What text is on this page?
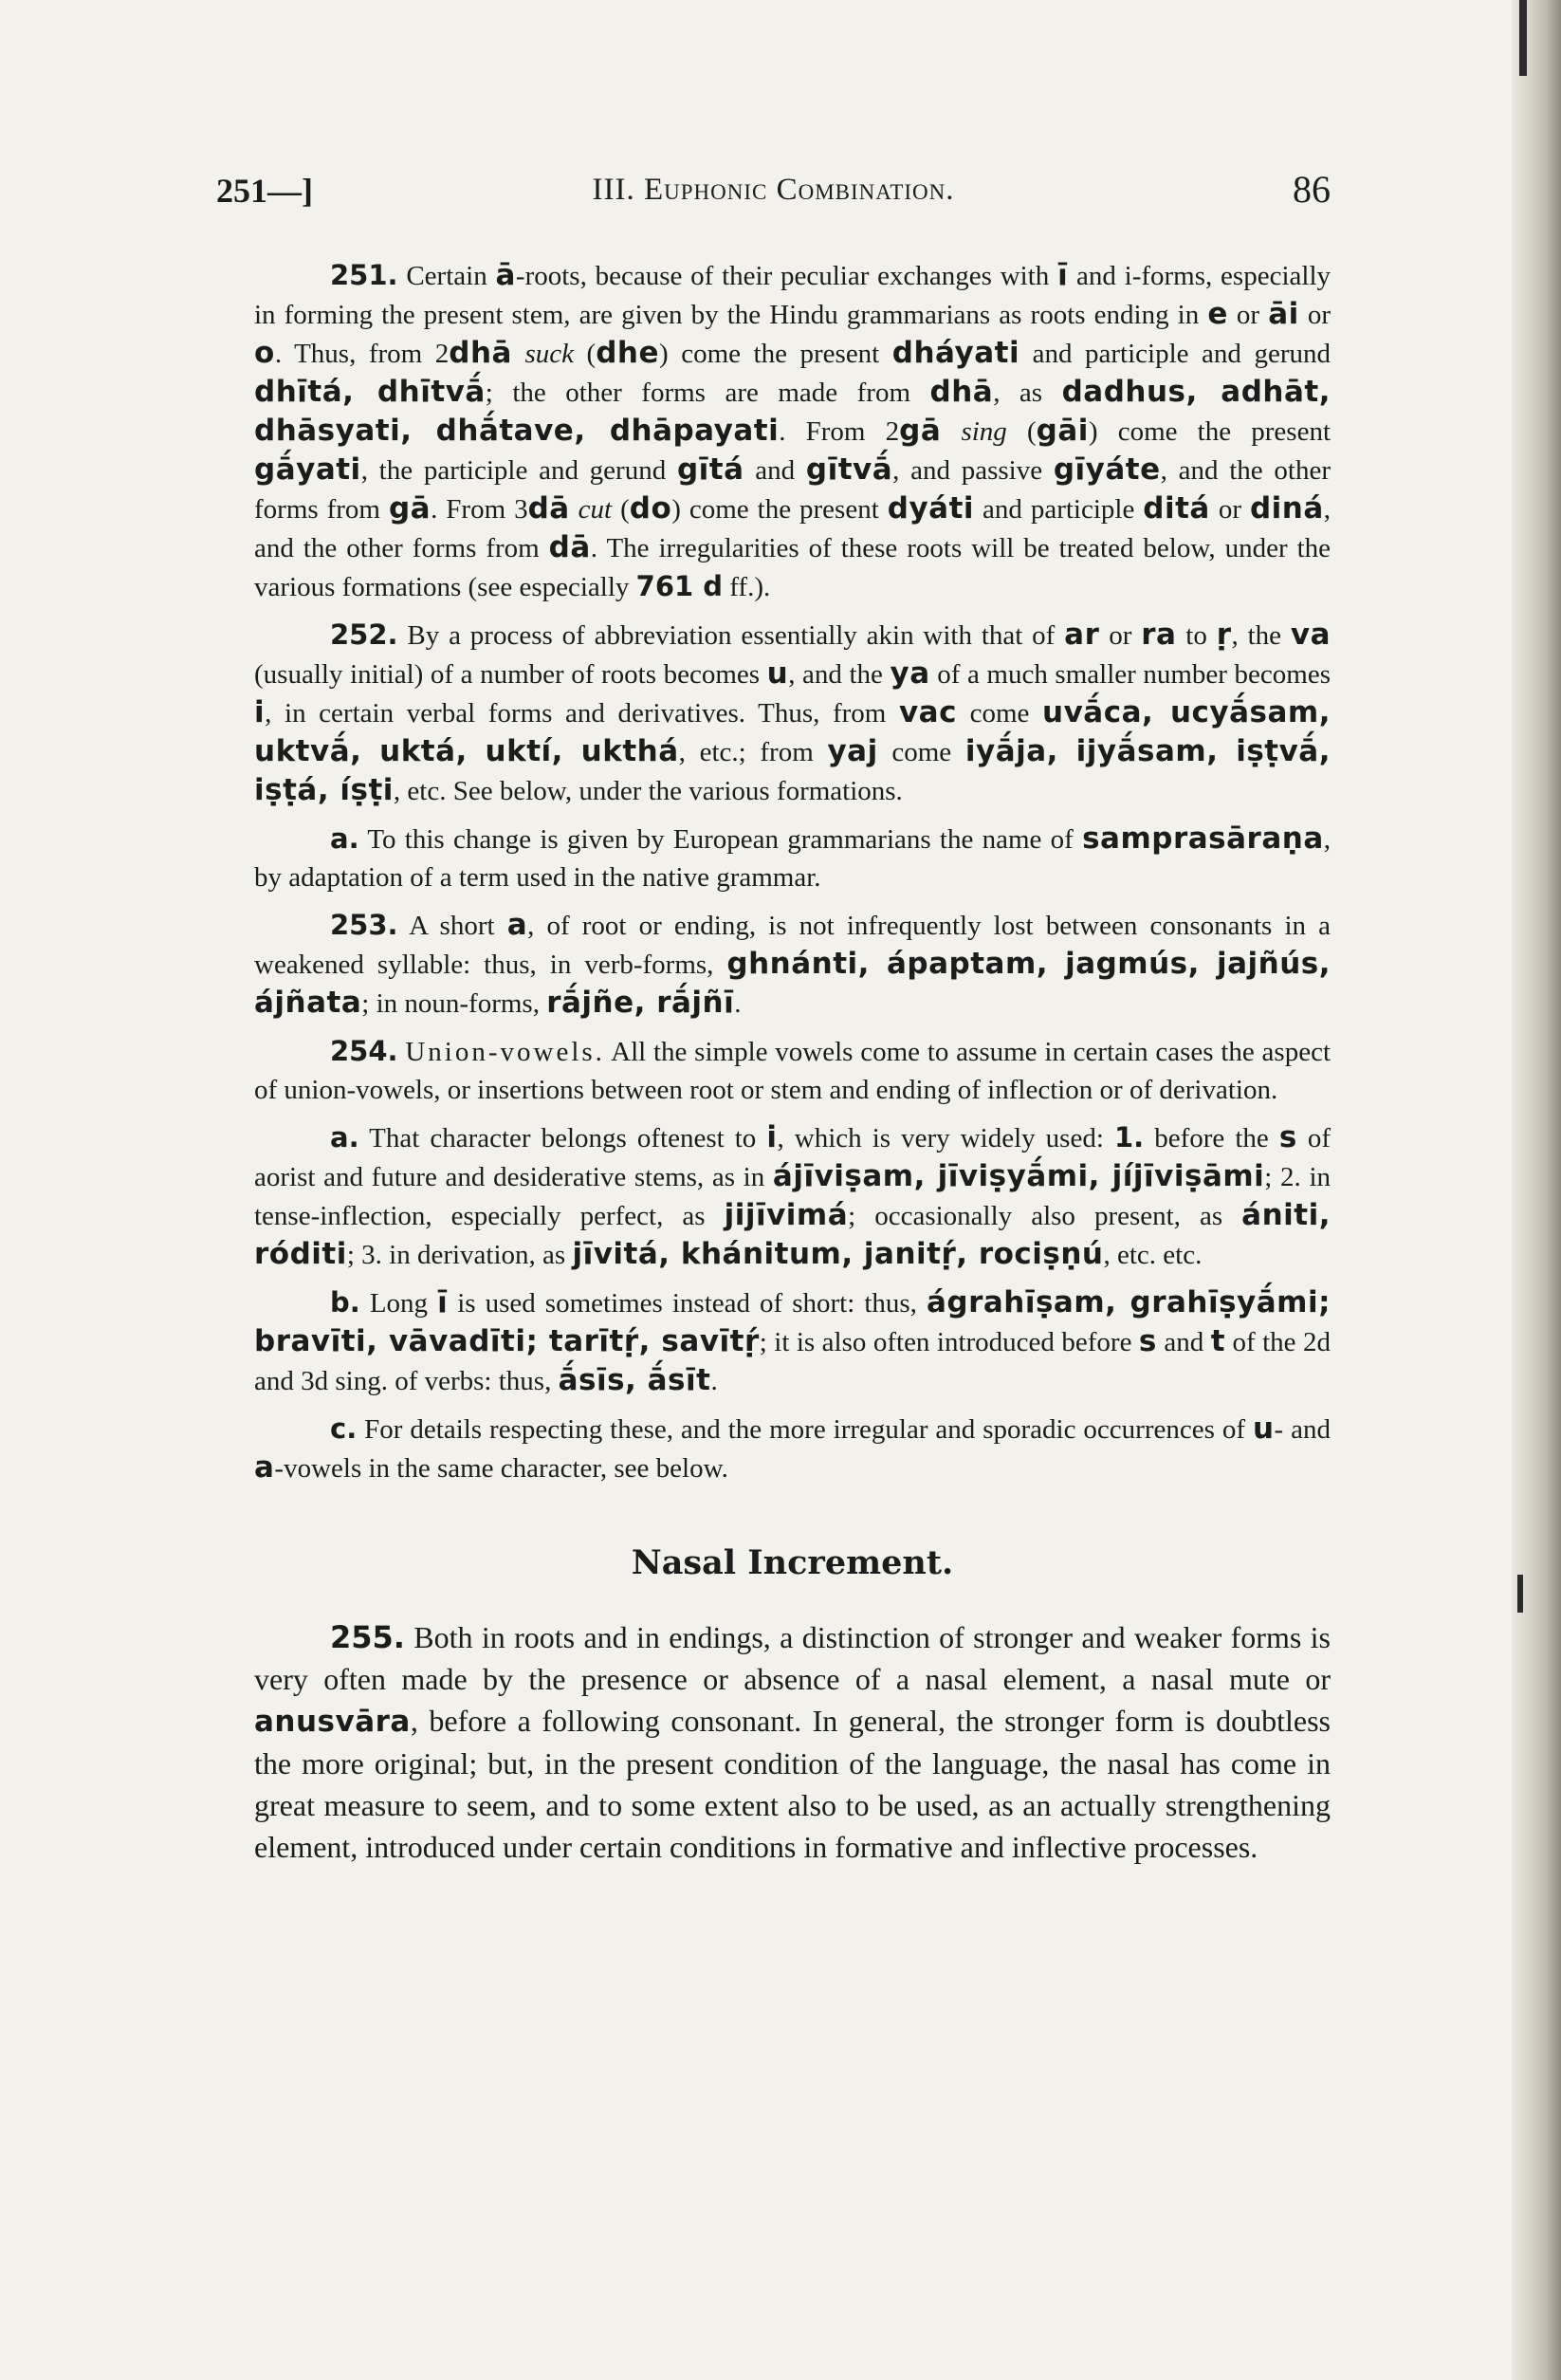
251—]	III. Euphonic Combination.	86

251. Certain ā-roots, because of their peculiar exchanges with ī and i-forms, especially in forming the present stem, are given by the Hindu grammarians as roots ending in e or āi or o. Thus, from 2dhā suck (dhe) come the present dháyati and participle and gerund dhītá, dhītvā́; the other forms are made from dhā, as dadhus, adhāt, dhāsyati, dhā́tave, dhāpayati. From 2gā sing (gāi) come the present gā́yati, the participle and gerund gītá and gītvā́, and passive gīyáte, and the other forms from gā. From 3dā cut (do) come the present dyáti and participle ditá or diná, and the other forms from dā. The irregularities of these roots will be treated below, under the various formations (see especially 761 d ff.).

252. By a process of abbreviation essentially akin with that of ar or ra to ṛ, the va (usually initial) of a number of roots becomes u, and the ya of a much smaller number becomes i, in certain verbal forms and derivatives. Thus, from vac come uvā́ca, ucyā́sam, uktvā́, uktá, uktí, ukthá, etc.; from yaj come iyā́ja, ijyā́sam, iṣṭvā́, iṣṭá, íṣṭi, etc. See below, under the various formations.

a. To this change is given by European grammarians the name of samprasāraṇa, by adaptation of a term used in the native grammar.

253. A short a, of root or ending, is not infrequently lost between consonants in a weakened syllable: thus, in verb-forms, ghnánti, ápaptam, jagmús, jajñús, ájñata; in noun-forms, rā́jñe, rā́jñī.

254. Union-vowels. All the simple vowels come to assume in certain cases the aspect of union-vowels, or insertions between root or stem and ending of inflection or of derivation.

a. That character belongs oftenest to i, which is very widely used: 1. before the s of aorist and future and desiderative stems, as in ájīviṣam, jīviṣyā́mi, jíjīviṣāmi; 2. in tense-inflection, especially perfect, as jijīvimá; occasionally also present, as ániti, róditi; 3. in derivation, as jīvitá, khánitum, janitṛ́, rociṣṇú, etc. etc.

b. Long ī is used sometimes instead of short: thus, ágrahīṣam, grahīṣyā́mi; bravīti, vāvadīti; tarītṛ́, savītṛ́; it is also often introduced before s and t of the 2d and 3d sing. of verbs: thus, ā́sīs, ā́sīt.

c. For details respecting these, and the more irregular and sporadic occurrences of u- and a-vowels in the same character, see below.

Nasal Increment.

255. Both in roots and in endings, a distinction of stronger and weaker forms is very often made by the presence or absence of a nasal element, a nasal mute or anusvāra, before a following consonant. In general, the stronger form is doubtless the more original; but, in the present condition of the language, the nasal has come in great measure to seem, and to some extent also to be used, as an actually strengthening element, introduced under certain conditions in formative and inflective processes.
